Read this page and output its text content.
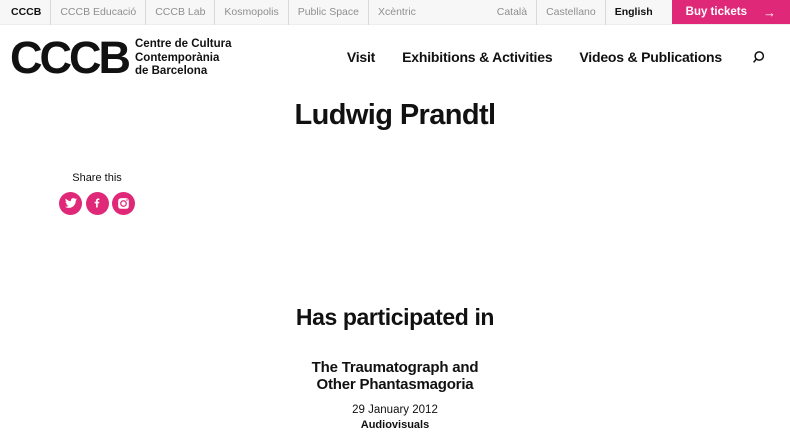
CCCB	CCCB Educació	CCCB Lab	Kosmopolis	Public Space	Xcèntric	Català	Castellano	English	Buy tickets →
CCCB Centre de Cultura
Contemporània
de Barcelona
Visit Exhibitions & Activities Videos & Publications
Ludwig Prandtl
Share this
Has participated in
The Traumatograph and
Other Phantasmagoria
29 January 2012
Audiovisuals
